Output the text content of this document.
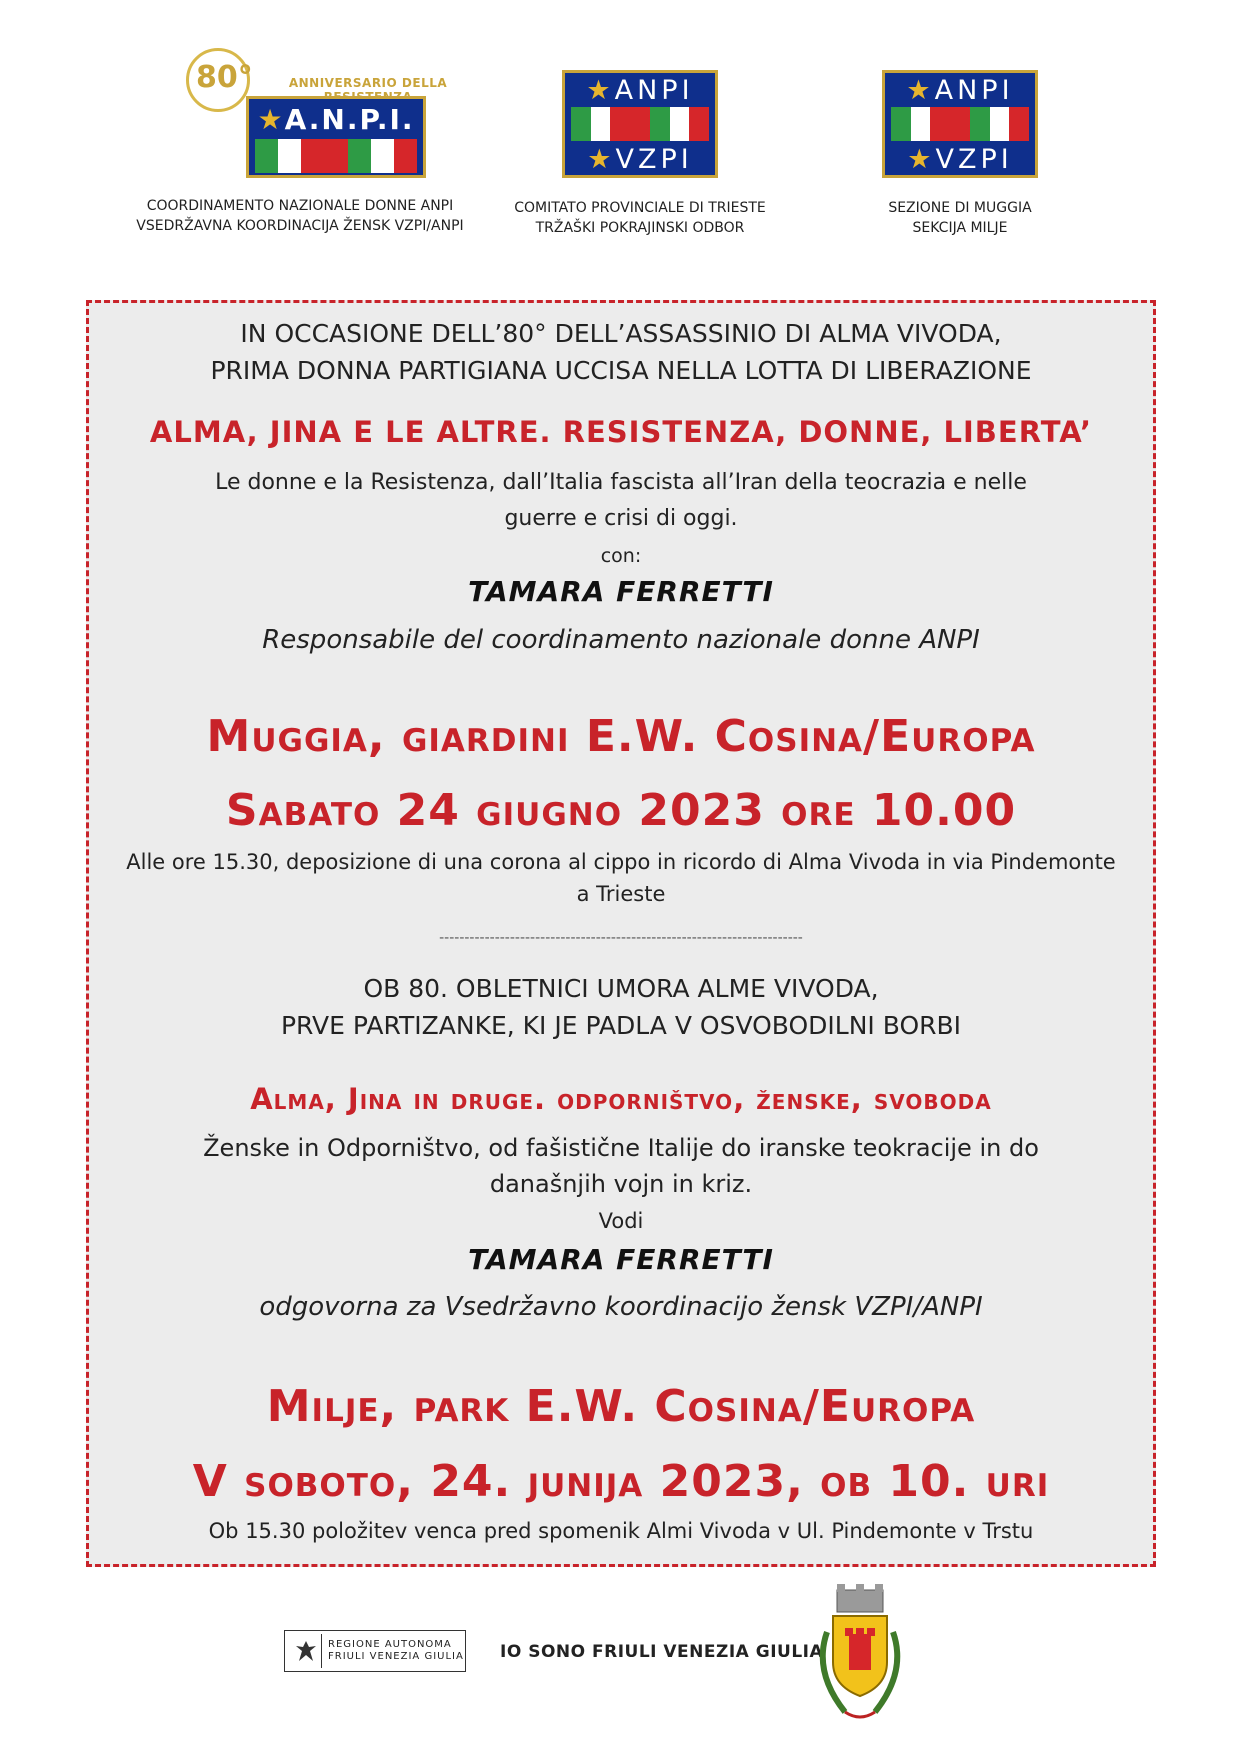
80°	ANNIVERSARIO DELLA
★ A.N.P.I.
COORDINAMENTO NAZIONALE DONNE ANPI
VSEDRŽAVNA KOORDINACIJA ŽENSK VZPI/ANPI
★ ANPI
★ VZPI
COMITATO PROVINCIALE DI TRIESTE
TRŽAŠKI POKRAJINSKI ODBOR
★ ANPI
★ VZPI
SEZIONE DI MUGGIA
SEKCIJA MILJE
IN OCCASIONE DELL’80° DELL’ASSASSINIO DI ALMA VIVODA,
PRIMA DONNA PARTIGIANA UCCISA NELLA LOTTA DI LIBERAZIONE
ALMA, JINA E LE ALTRE. RESISTENZA, DONNE, LIBERTA’
Le donne e la Resistenza, dall’Italia fascista all’Iran della teocrazia e nelle
guerre e crisi di oggi.
con:
TAMARA FERRETTI
Responsabile del coordinamento nazionale donne ANPI
Muggia, giardini E.W. Cosina/Europa
Sabato 24 giugno 2023 ore 10.00
Alle ore 15.30, deposizione di una corona al cippo in ricordo di Alma Vivoda in via Pindemonte
a Trieste
------------------------------------------------------------------------
OB 80. OBLETNICI UMORA ALME VIVODA,
PRVE PARTIZANKE, KI JE PADLA V OSVOBODILNI BORBI
Alma, Jina in druge. odporništvo, ženske, svoboda
Ženske in Odporništvo, od fašistične Italije do iranske teokracije in do
današnjih vojn in kriz.
Vodi
TAMARA FERRETTI
odgovorna za Vsedržavno koordinacijo žensk VZPI/ANPI
Milje, park E.W. Cosina/Europa
V soboto, 24. junija 2023, ob 10. uri
Ob 15.30 položitev venca pred spomenik Almi Vivoda v Ul. Pindemonte v Trstu
REGIONE AUTONOMA
FRIULI VENEZIA GIULIA IO SONO FRIULI VENEZIA GIULIA
